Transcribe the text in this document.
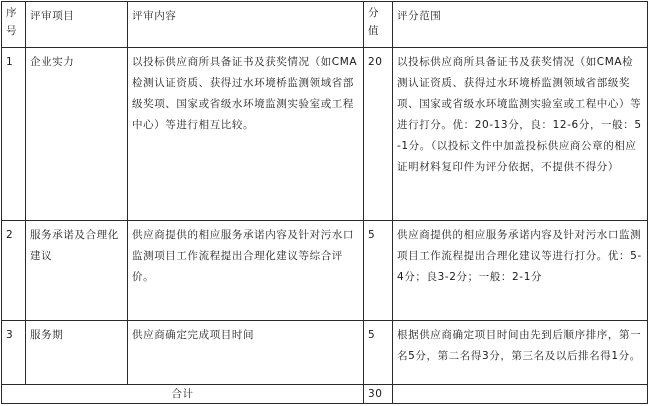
序号	评审项目	评审内容	分值	评分范围
1	企业实力	以投标供应商所具备证书及获奖情况（如CMA检测认证资质、获得过水环境桥监测领域省部级奖项、国家或省级水环境监测实验室或工程中心）等进行相互比较。	20	以投标供应商所具备证书及获奖情况（如CMA检测认证资质、获得过水环境桥监测领域省部级奖项、国家或省级水环境监测实验室或工程中心）等进行打分。优：20-13分，良：12-6分，一般：5-1分。（以投标文件中加盖投标供应商公章的相应证明材料复印件为评分依据，不提供不得分）
2	服务承诺及合理化建议	供应商提供的相应服务承诺内容及针对污水口监测项目工作流程提出合理化建议等综合评价。	5	供应商提供的相应服务承诺内容及针对污水口监测项目工作流程提出合理化建议等进行打分。优：5-4分；良3-2分；一般：2-1分
3	服务期	供应商确定完成项目时间	5	根据供应商确定项目时间由先到后顺序排序，第一名5分，第二名得3分，第三名及以后排名得1分。
合计			30	
